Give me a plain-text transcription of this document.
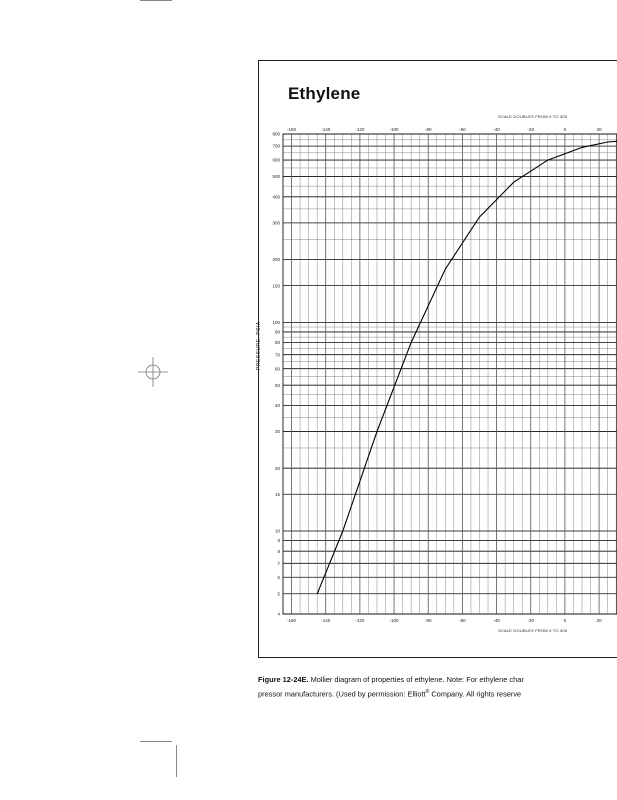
Ethylene
SCALE DOUBLES FROM 0 TO 300
SCALE DOUBLES FROM 0 TO 300
PRESSURE, PSIA
4
5
6
7
8
9
10
15
20
30
40
50
60
70
80
90
100
150
200
300
400
500
600
700
800
-160
-160
-140
-140
-120
-120
-100
-100
-80
-80
-60
-60
-40
-40
-20
-20
0
0
20
20
Figure 12-24E. Mollier diagram of properties of ethylene. Note: For ethylene char
pressor manufacturers. (Used by permission: Elliott® Company. All rights reserve
